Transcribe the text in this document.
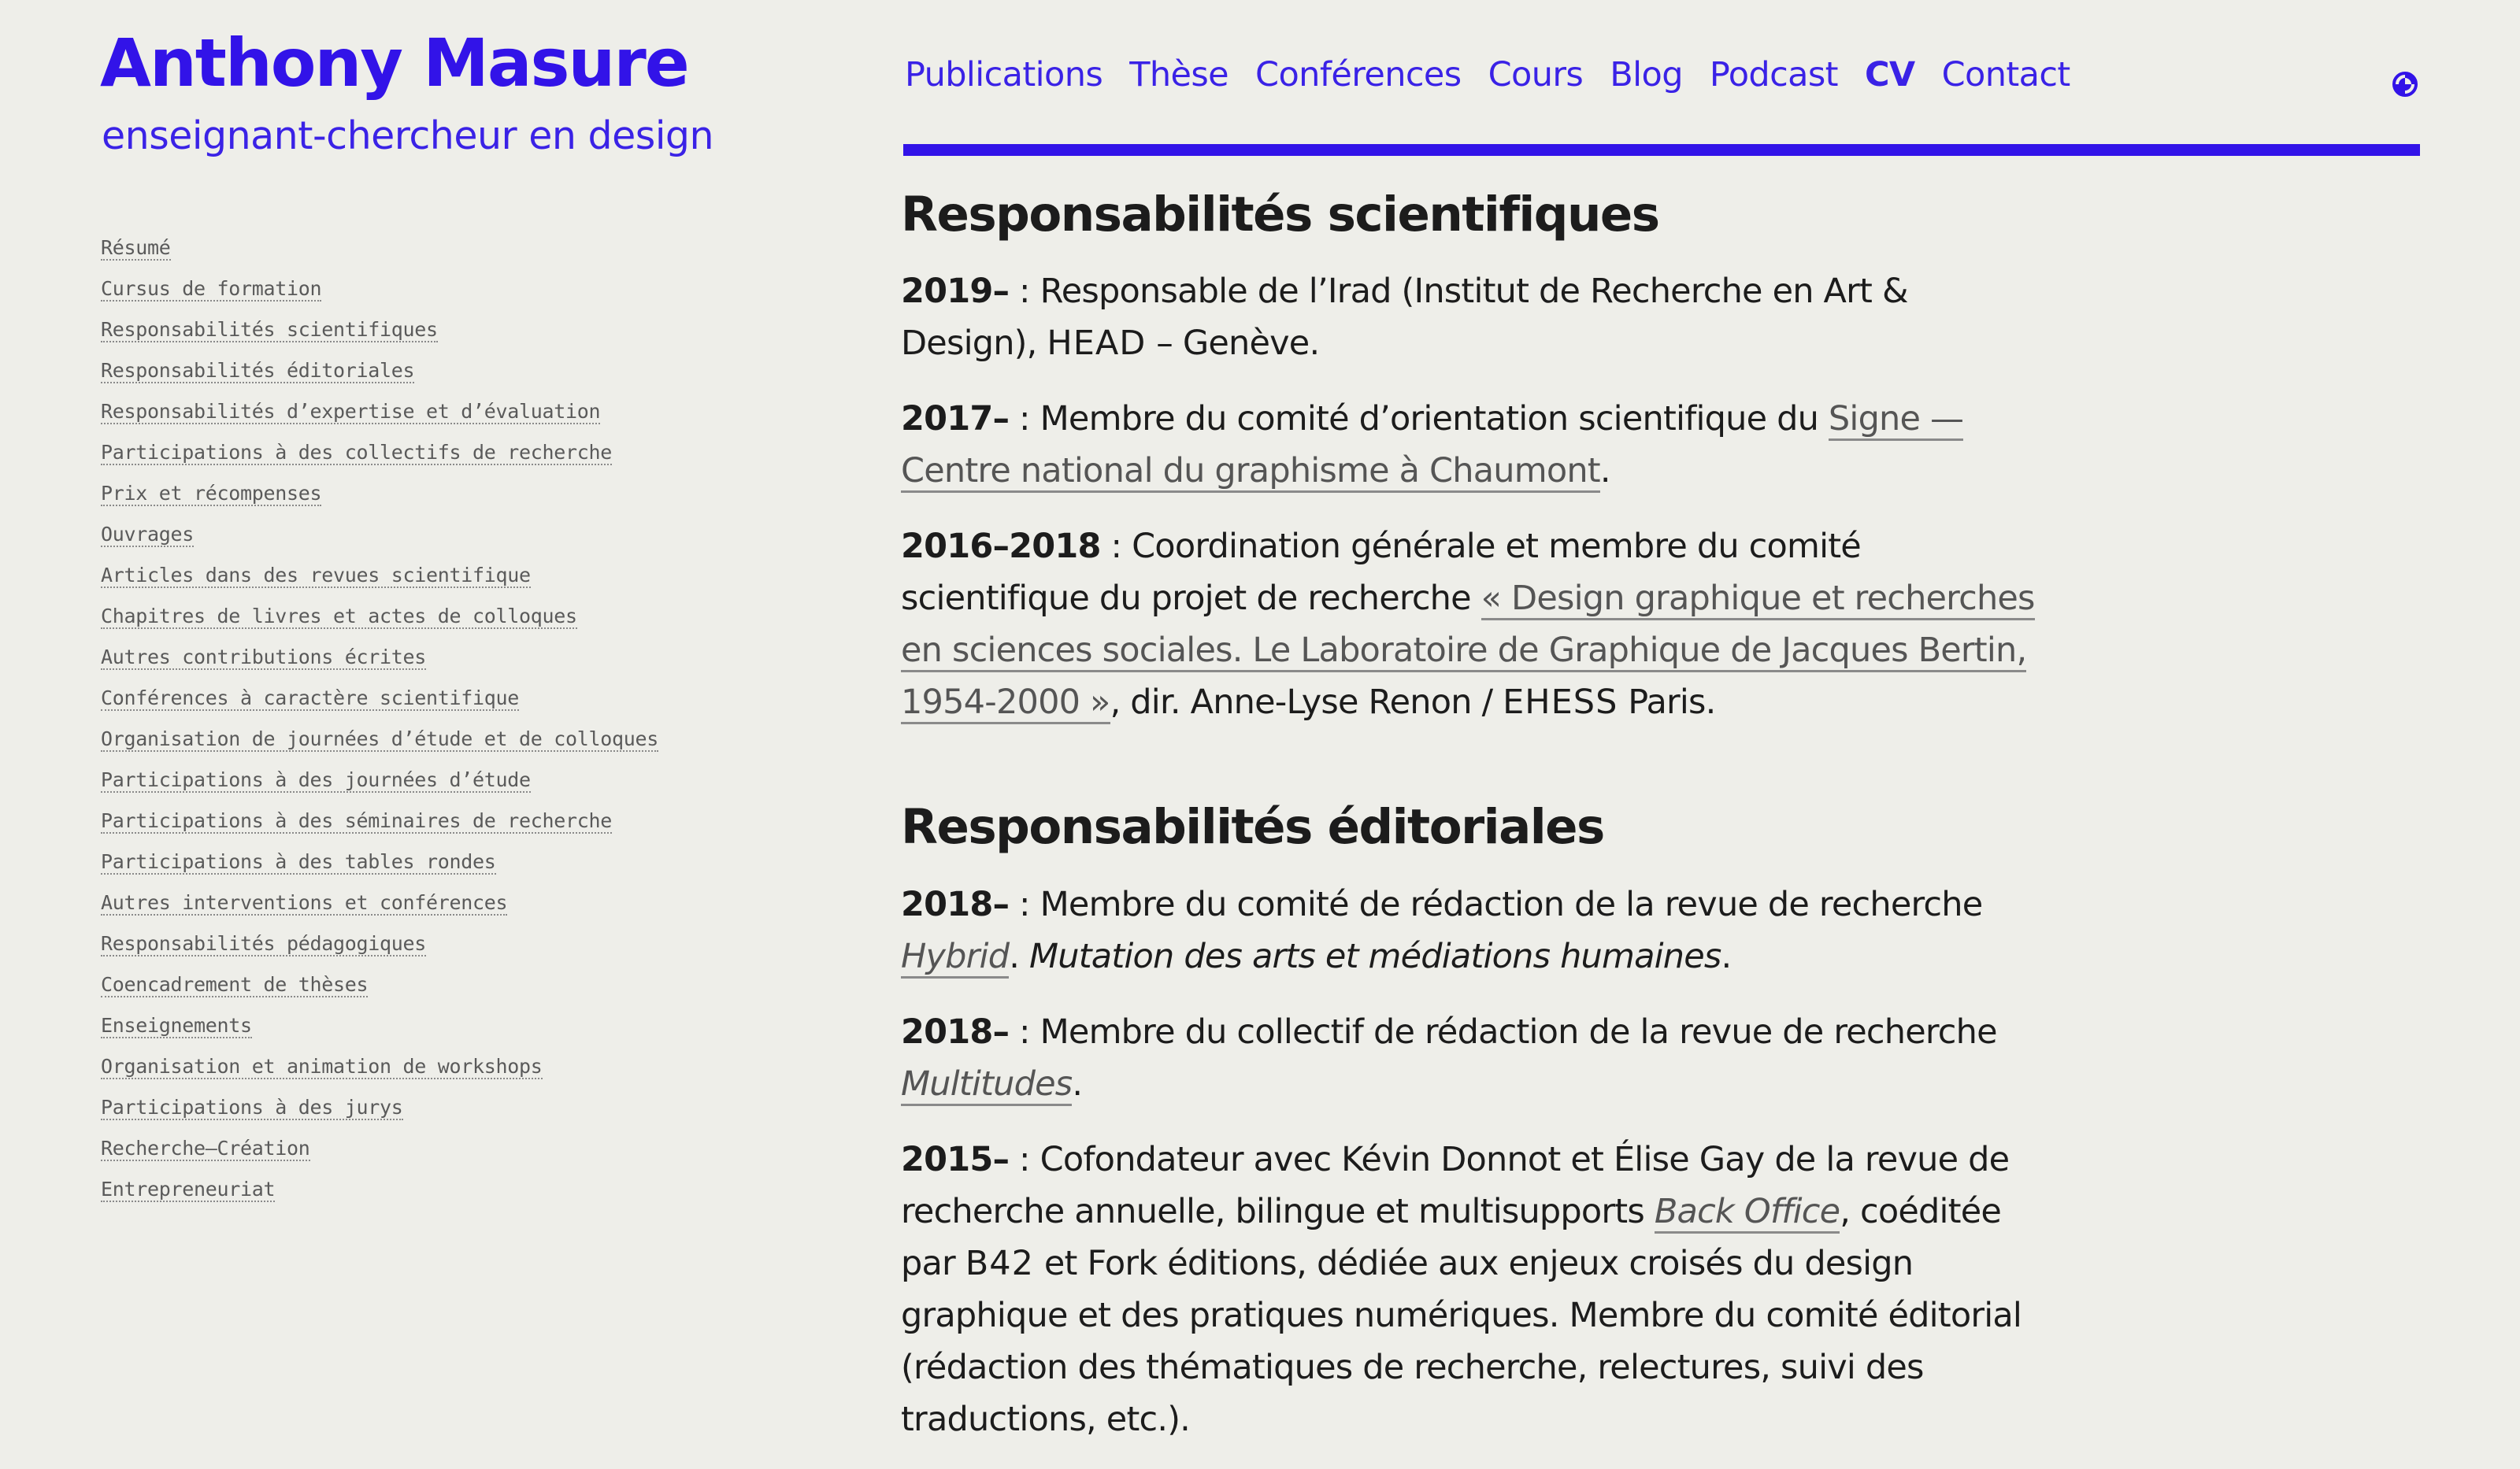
Anthony Masure

enseignant-chercheur en design

Publications Thèse Conférences Cours Blog Podcast CV Contact
Résumé
Cursus de formation
Responsabilités scientifiques
Responsabilités éditoriales
Responsabilités d’expertise et d’évaluation
Participations à des collectifs de recherche
Prix et récompenses
Ouvrages
Articles dans des revues scientifique
Chapitres de livres et actes de colloques
Autres contributions écrites
Conférences à caractère scientifique
Organisation de journées d’étude et de colloques
Participations à des journées d’étude
Participations à des séminaires de recherche
Participations à des tables rondes
Autres interventions et conférences
Responsabilités pédagogiques
Coencadrement de thèses
Enseignements
Organisation et animation de workshops
Participations à des jurys
Recherche–Création
Entrepreneuriat
Responsabilités scientifiques

2019– : Responsable de l’Irad (Institut de Recherche en Art & Design), HEAD – Genève.

2017– : Membre du comité d’orientation scientifique du Signe — Centre national du graphisme à Chaumont.

2016–2018 : Coordination générale et membre du comité scientifique du projet de recherche « Design graphique et recherches en sciences sociales. Le Laboratoire de Graphique de Jacques Bertin, 1954-2000 », dir. Anne-Lyse Renon / EHESS Paris.

Responsabilités éditoriales

2018– : Membre du comité de rédaction de la revue de recherche Hybrid. Mutation des arts et médiations humaines.

2018– : Membre du collectif de rédaction de la revue de recherche Multitudes.

2015– : Cofondateur avec Kévin Donnot et Élise Gay de la revue de recherche annuelle, bilingue et multisupports Back Office, coéditée par B42 et Fork éditions, dédiée aux enjeux croisés du design graphique et des pratiques numériques. Membre du comité éditorial (rédaction des thématiques de recherche, relectures, suivi des traductions, etc.).
